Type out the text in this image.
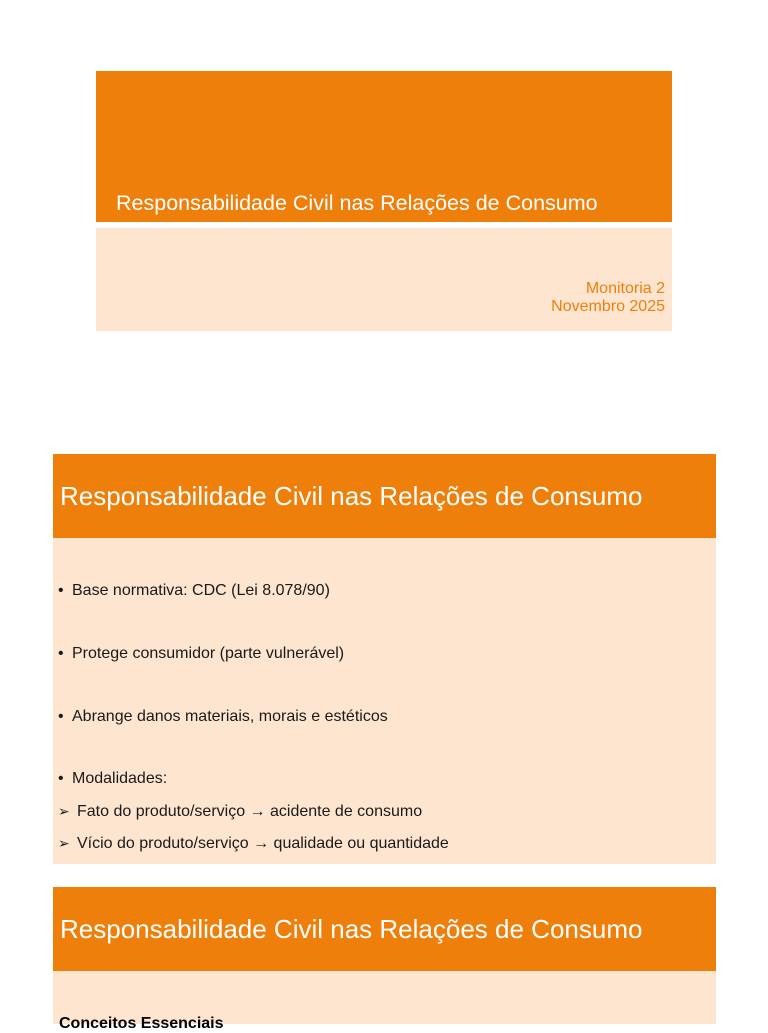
Responsabilidade Civil nas Relações de Consumo
Monitoria 2
Novembro 2025
Responsabilidade Civil nas Relações de Consumo
• Base normativa: CDC (Lei 8.078/90)
• Protege consumidor (parte vulnerável)
• Abrange danos materiais, morais e estéticos
• Modalidades:
➢ Fato do produto/serviço → acidente de consumo
➢ Vício do produto/serviço → qualidade ou quantidade
Responsabilidade Civil nas Relações de Consumo
Conceitos Essenciais
